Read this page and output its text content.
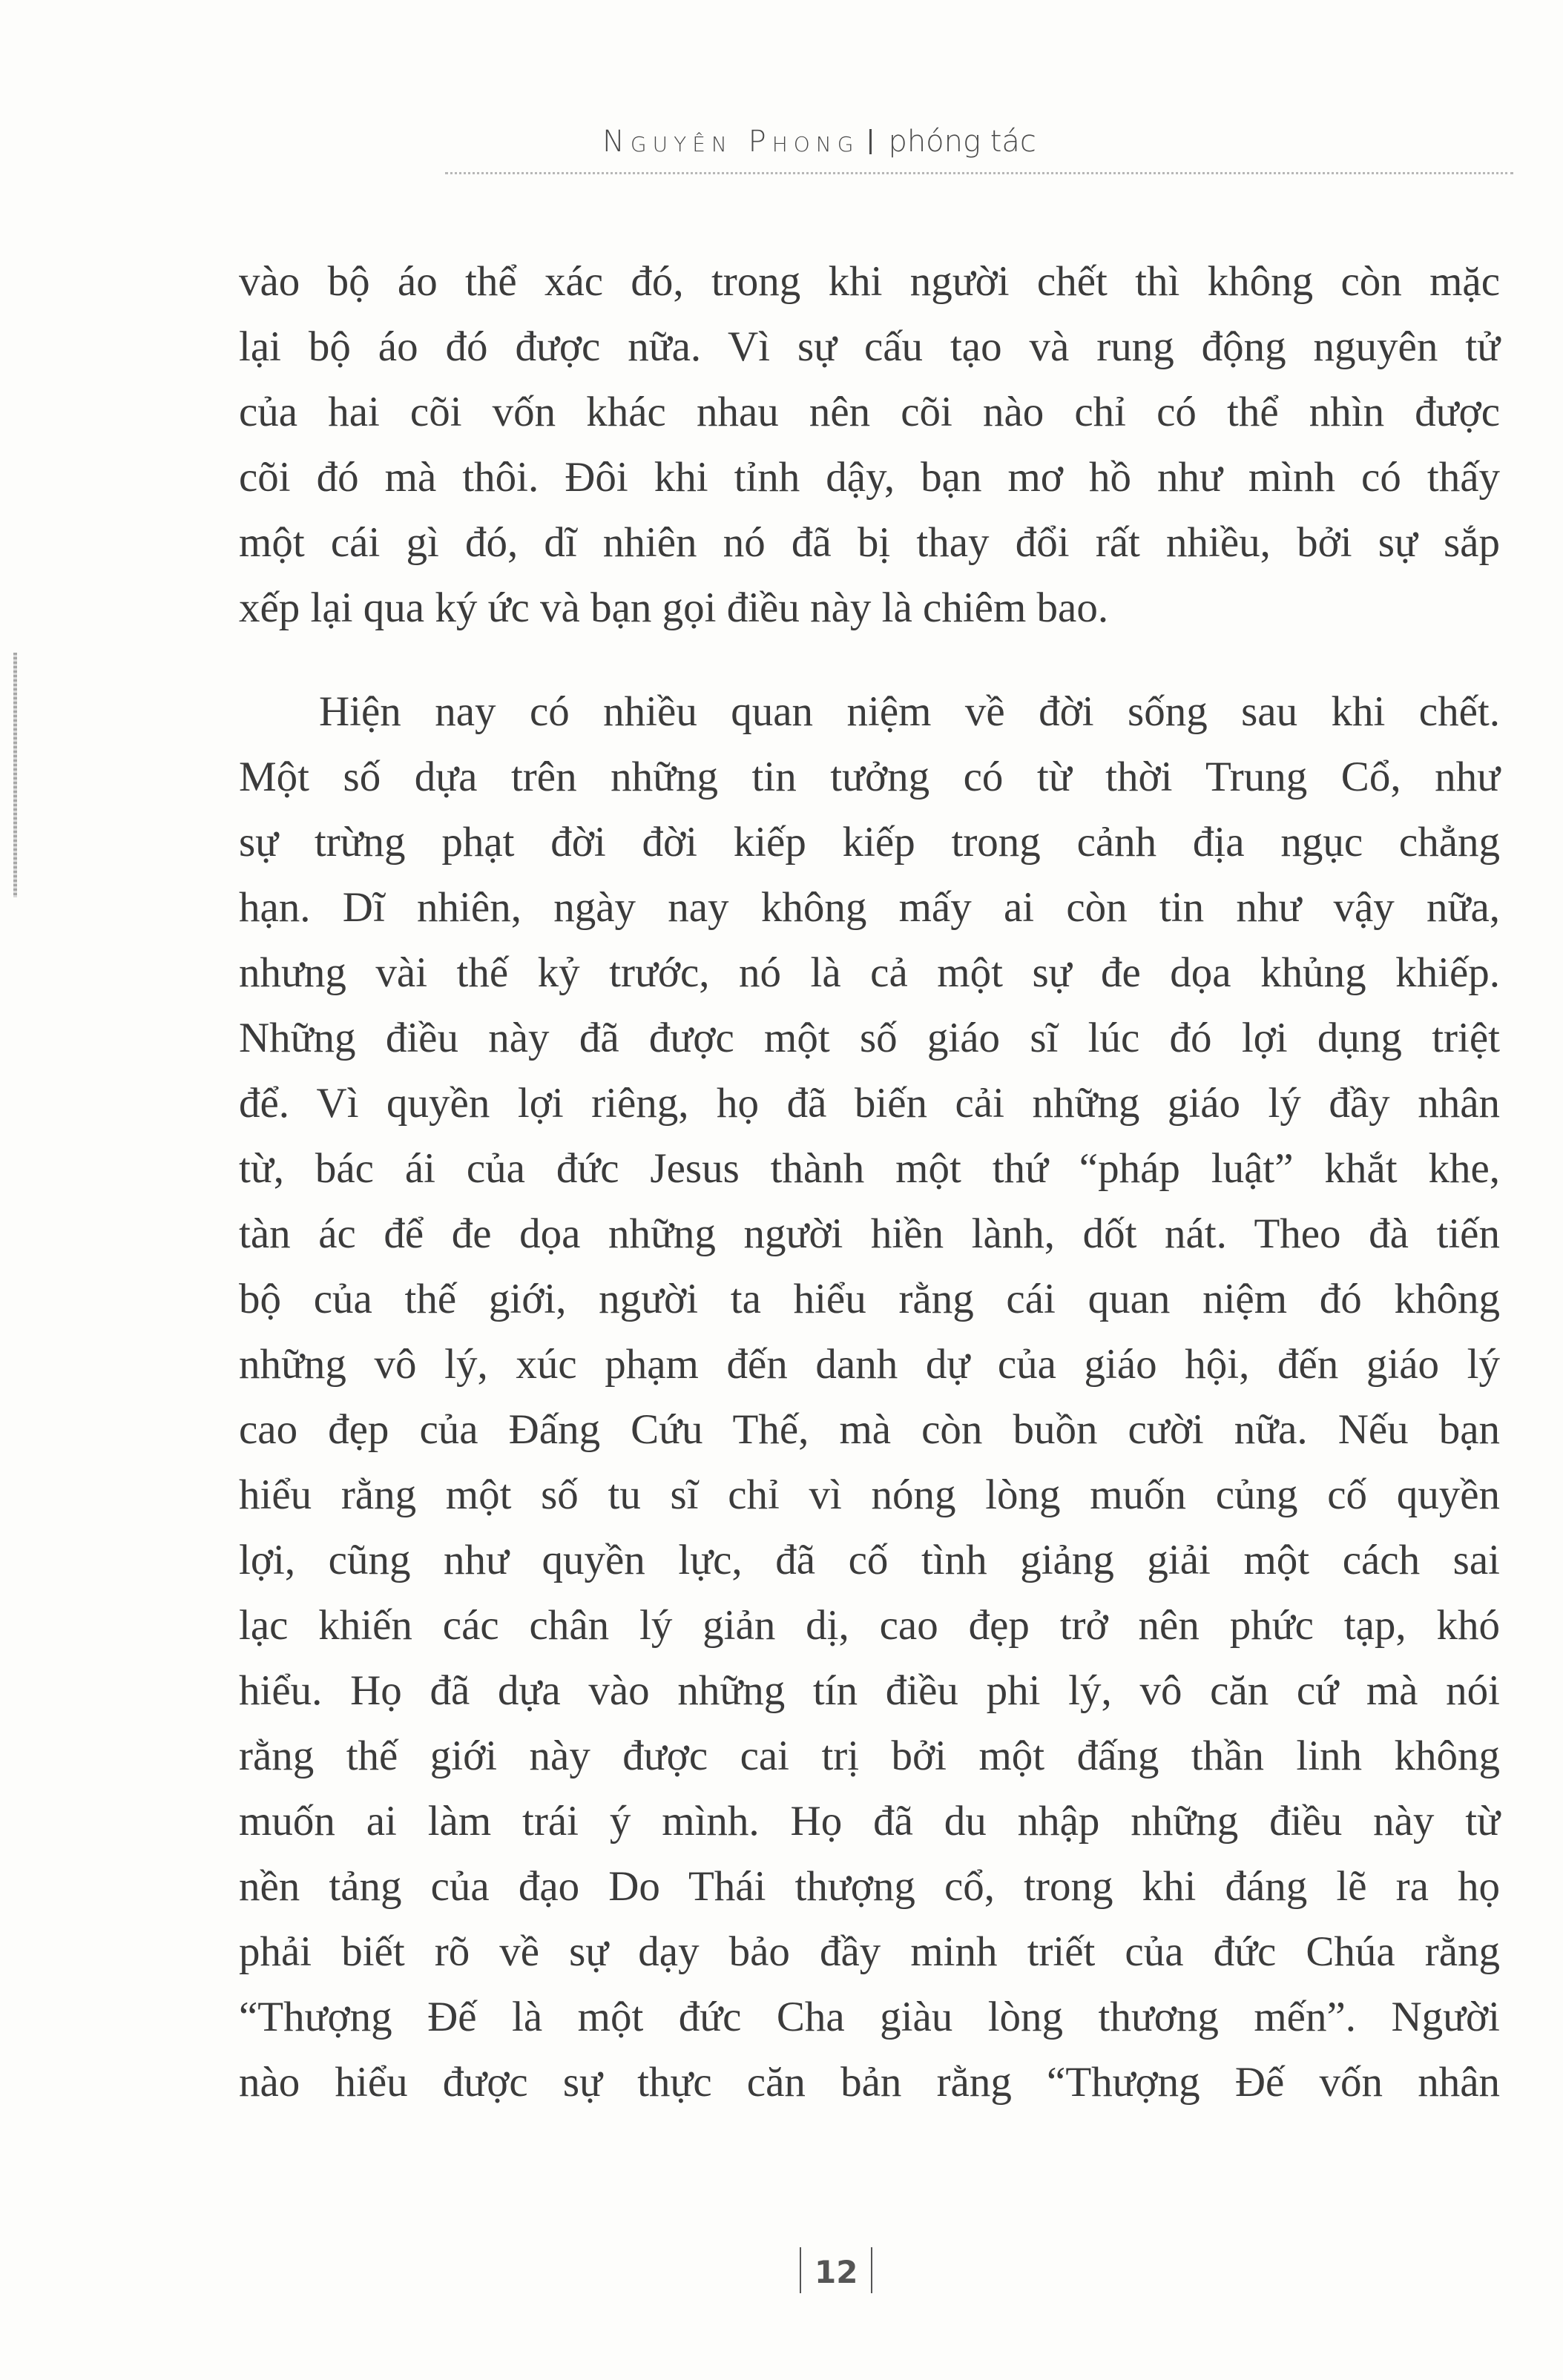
Nguyên Phong phóng tác
vào bộ áo thể xác đó, trong khi người chết thì không còn mặc
lại bộ áo đó được nữa. Vì sự cấu tạo và rung động nguyên tử
của hai cõi vốn khác nhau nên cõi nào chỉ có thể nhìn được
cõi đó mà thôi. Đôi khi tỉnh dậy, bạn mơ hồ như mình có thấy
một cái gì đó, dĩ nhiên nó đã bị thay đổi rất nhiều, bởi sự sắp
xếp lại qua ký ức và bạn gọi điều này là chiêm bao.
Hiện nay có nhiều quan niệm về đời sống sau khi chết.
Một số dựa trên những tin tưởng có từ thời Trung Cổ, như
sự trừng phạt đời đời kiếp kiếp trong cảnh địa ngục chẳng
hạn. Dĩ nhiên, ngày nay không mấy ai còn tin như vậy nữa,
nhưng vài thế kỷ trước, nó là cả một sự đe dọa khủng khiếp.
Những điều này đã được một số giáo sĩ lúc đó lợi dụng triệt
để. Vì quyền lợi riêng, họ đã biến cải những giáo lý đầy nhân
từ, bác ái của đức Jesus thành một thứ “pháp luật” khắt khe,
tàn ác để đe dọa những người hiền lành, dốt nát. Theo đà tiến
bộ của thế giới, người ta hiểu rằng cái quan niệm đó không
những vô lý, xúc phạm đến danh dự của giáo hội, đến giáo lý
cao đẹp của Đấng Cứu Thế, mà còn buồn cười nữa. Nếu bạn
hiểu rằng một số tu sĩ chỉ vì nóng lòng muốn củng cố quyền
lợi, cũng như quyền lực, đã cố tình giảng giải một cách sai
lạc khiến các chân lý giản dị, cao đẹp trở nên phức tạp, khó
hiểu. Họ đã dựa vào những tín điều phi lý, vô căn cứ mà nói
rằng thế giới này được cai trị bởi một đấng thần linh không
muốn ai làm trái ý mình. Họ đã du nhập những điều này từ
nền tảng của đạo Do Thái thượng cổ, trong khi đáng lẽ ra họ
phải biết rõ về sự dạy bảo đầy minh triết của đức Chúa rằng
“Thượng Đế là một đức Cha giàu lòng thương mến”. Người
nào hiểu được sự thực căn bản rằng “Thượng Đế vốn nhân
12
